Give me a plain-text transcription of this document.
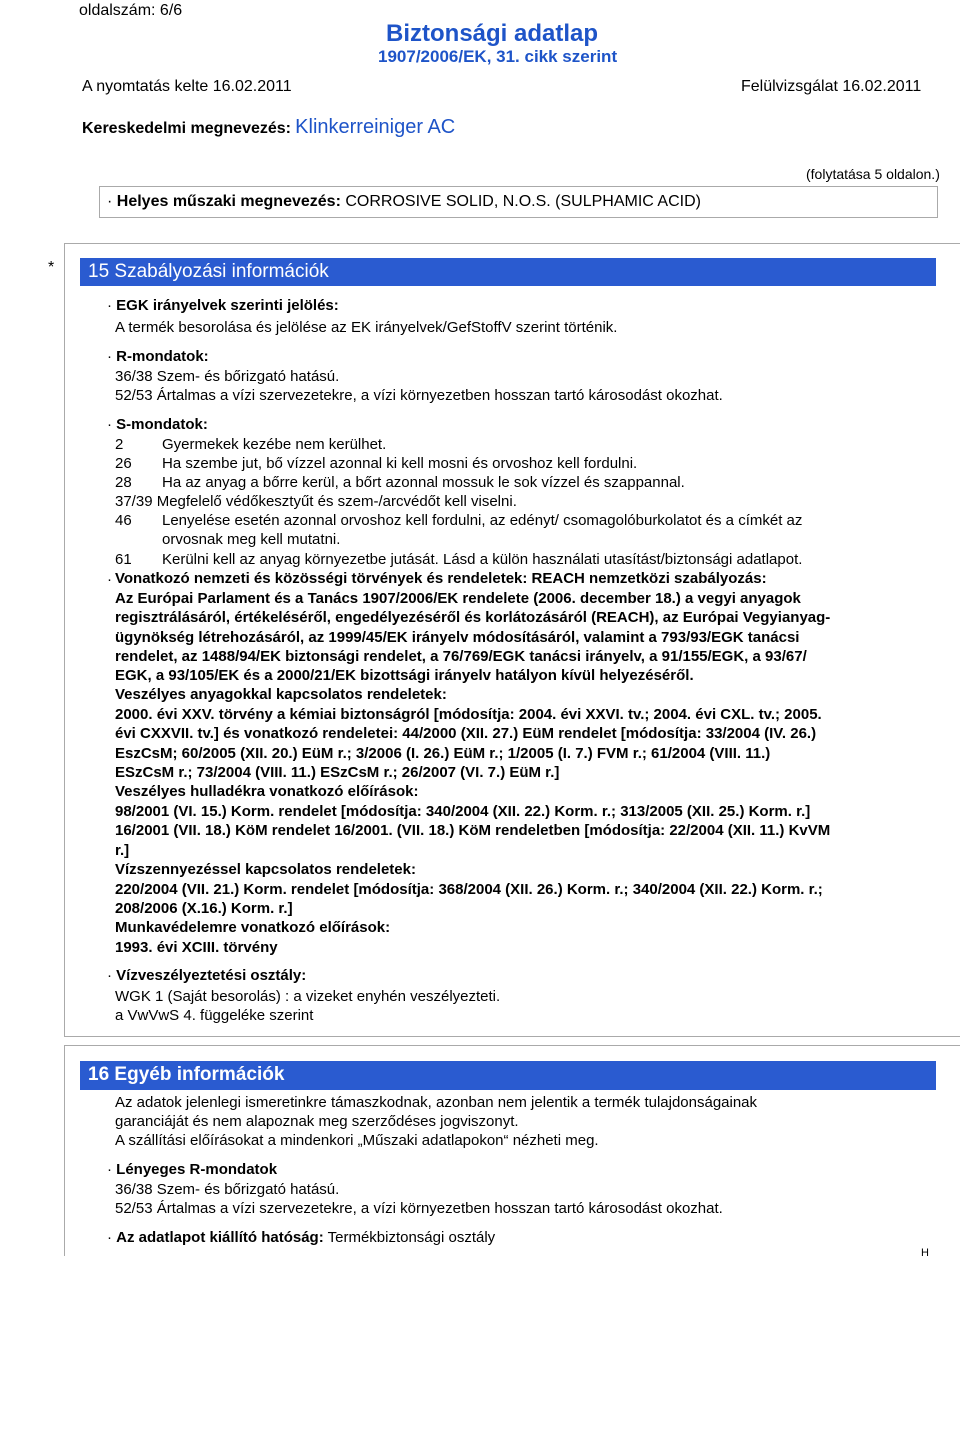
oldalszám: 6/6
Biztonsági adatlap
1907/2006/EK, 31. cikk szerint
A nyomtatás kelte 16.02.2011	Felülvizsgálat 16.02.2011
Kereskedelmi megnevezés: Klinkerreiniger AC
(folytatása 5 oldalon.)
· Helyes műszaki megnevezés: CORROSIVE SOLID, N.O.S. (SULPHAMIC ACID)
* 15 Szabályozási információk
· EGK irányelvek szerinti jelölés:
A termék besorolása és jelölése az EK irányelvek/GefStoffV szerint történik.
· R-mondatok:
36/38 Szem- és bőrizgató hatású.
52/53 Ártalmas a vízi szervezetekre, a vízi környezetben hosszan tartó károsodást okozhat.
· S-mondatok:
2	Gyermekek kezébe nem kerülhet.
26 Ha szembe jut, bő vízzel azonnal ki kell mosni és orvoshoz kell fordulni.
28 Ha az anyag a bőrre kerül, a bőrt azonnal mossuk le sok vízzel és szappannal.
37/39 Megfelelő védőkesztyűt és szem-/arcvédőt kell viselni.
46 Lenyelése esetén azonnal orvoshoz kell fordulni, az edényt/ csomagolóburkolatot és a címkét az
orvosnak meg kell mutatni.
61 Kerülni kell az anyag környezetbe jutását. Lásd a külön használati utasítást/biztonsági adatlapot.
· Vonatkozó nemzeti és közösségi törvények és rendeletek: REACH nemzetközi szabályozás:
Az Európai Parlament és a Tanács 1907/2006/EK rendelete (2006. december 18.) a vegyi anyagok
regisztrálásáról, értékeléséről, engedélyezéséről és korlátozásáról (REACH), az Európai Vegyianyag-
ügynökség létrehozásáról, az 1999/45/EK irányelv módosításáról, valamint a 793/93/EGK tanácsi
rendelet, az 1488/94/EK biztonsági rendelet, a 76/769/EGK tanácsi irányelv, a 91/155/EGK, a 93/67/
EGK, a 93/105/EK és a 2000/21/EK bizottsági irányelv hatályon kívül helyezéséről.
Veszélyes anyagokkal kapcsolatos rendeletek:
2000. évi XXV. törvény a kémiai biztonságról [módosítja: 2004. évi XXVI. tv.; 2004. évi CXL. tv.; 2005.
évi CXXVII. tv.] és vonatkozó rendeletei: 44/2000 (XII. 27.) EüM rendelet [módosítja: 33/2004 (IV. 26.)
EszCsM; 60/2005 (XII. 20.) EüM r.; 3/2006 (I. 26.) EüM r.; 1/2005 (I. 7.) FVM r.; 61/2004 (VIII. 11.)
ESzCsM r.; 73/2004 (VIII. 11.) ESzCsM r.; 26/2007 (VI. 7.) EüM r.]
Veszélyes hulladékra vonatkozó előírások:
98/2001 (VI. 15.) Korm. rendelet [módosítja: 340/2004 (XII. 22.) Korm. r.; 313/2005 (XII. 25.) Korm. r.]
16/2001 (VII. 18.) KöM rendelet 16/2001. (VII. 18.) KöM rendeletben [módosítja: 22/2004 (XII. 11.) KvVM
r.]
Vízszennyezéssel kapcsolatos rendeletek:
220/2004 (VII. 21.) Korm. rendelet [módosítja: 368/2004 (XII. 26.) Korm. r.; 340/2004 (XII. 22.) Korm. r.;
208/2006 (X.16.) Korm. r.]
Munkavédelemre vonatkozó előírások:
1993. évi XCIII. törvény
· Vízveszélyeztetési osztály:
WGK 1 (Saját besorolás) : a vizeket enyhén veszélyezteti.
a VwVwS 4. függeléke szerint
16 Egyéb információk
Az adatok jelenlegi ismeretinkre támaszkodnak, azonban nem jelentik a termék tulajdonságainak
garanciáját és nem alapoznak meg szerződéses jogviszonyt.
A szállítási előírásokat a mindenkori „Műszaki adatlapokon“ nézheti meg.
· Lényeges R-mondatok
36/38 Szem- és bőrizgató hatású.
52/53 Ártalmas a vízi szervezetekre, a vízi környezetben hosszan tartó károsodást okozhat.
· Az adatlapot kiállító hatóság: Termékbiztonsági osztály
H
